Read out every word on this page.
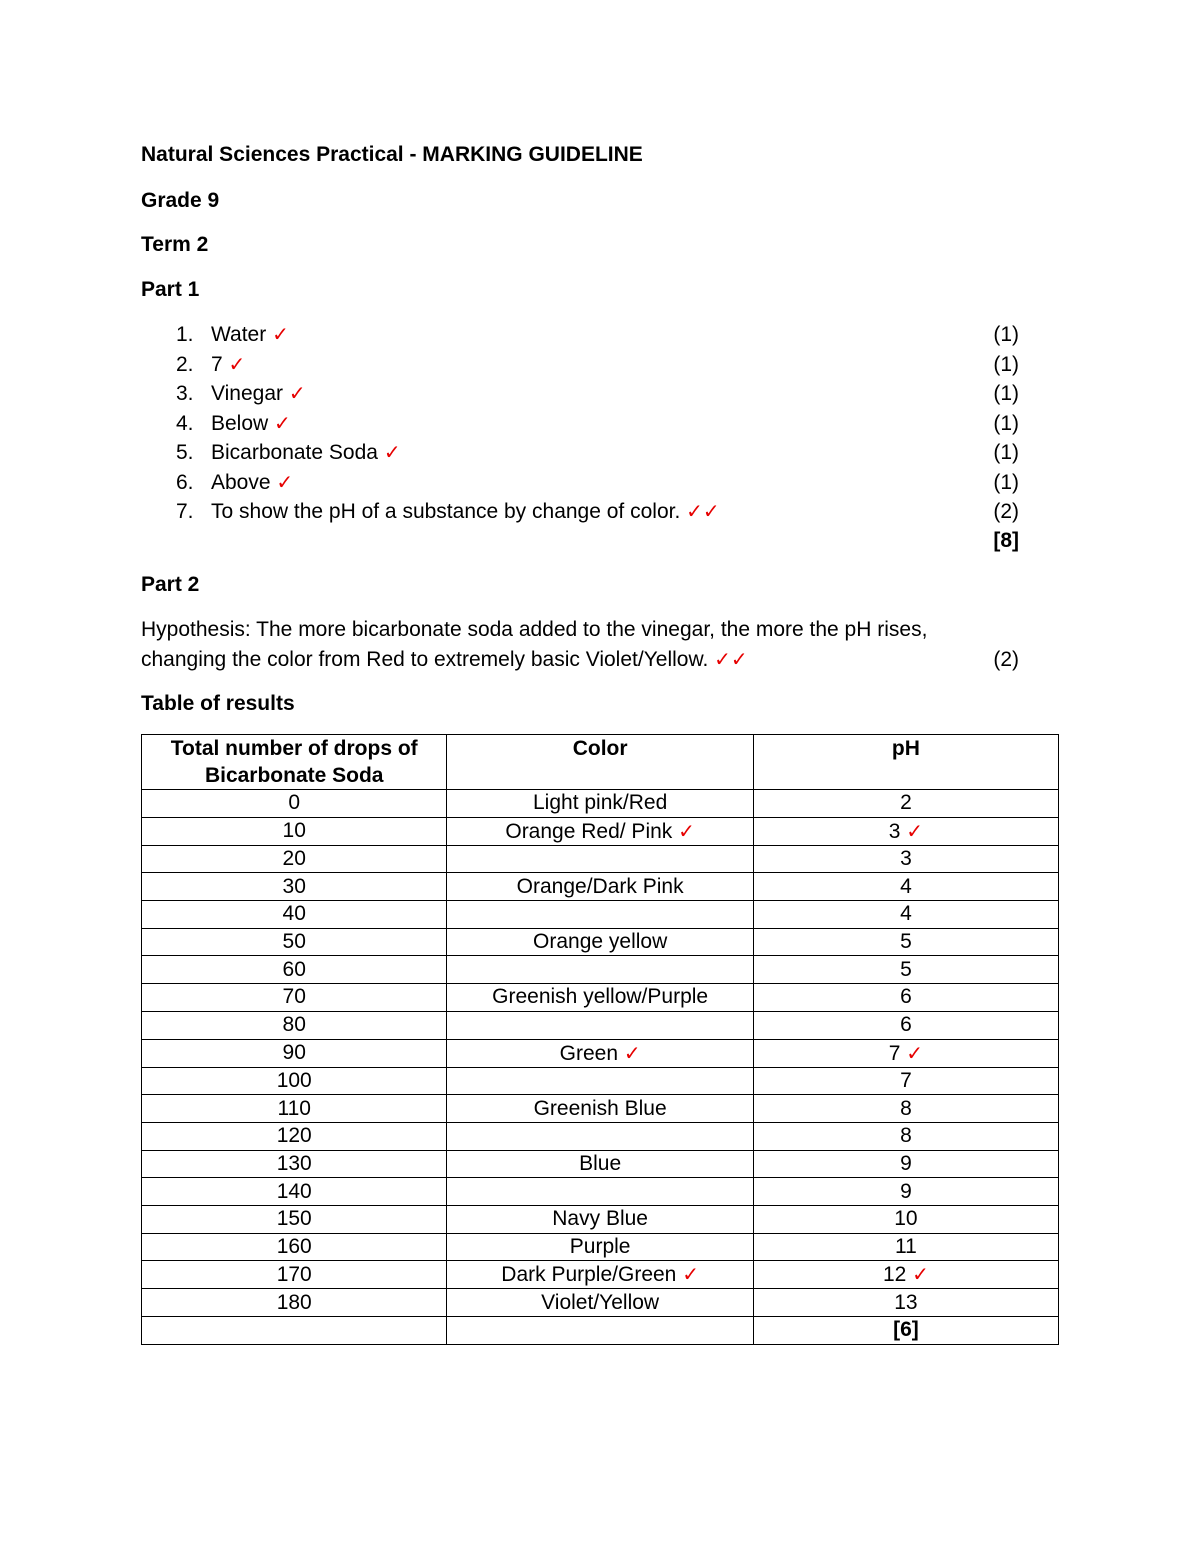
Natural Sciences Practical - MARKING GUIDELINE

Grade 9

Term 2

Part 1

1. Water ✓	(1)
2. 7 ✓	(1)
3. Vinegar ✓	(1)
4. Below ✓	(1)
5. Bicarbonate Soda ✓	(1)
6. Above ✓	(1)
7. To show the pH of a substance by change of color. ✓✓	(2)
[8]

Part 2

Hypothesis: The more bicarbonate soda added to the vinegar, the more the pH rises,
changing the color from Red to extremely basic Violet/Yellow. ✓✓	(2)

Table of results

Total number of drops of Bicarbonate Soda	Color	pH
0	Light pink/Red	2
10	Orange Red/ Pink ✓	3 ✓
20		3
30	Orange/Dark Pink	4
40		4
50	Orange yellow	5
60		5
70	Greenish yellow/Purple	6
80		6
90	Green ✓	7 ✓
100		7
110	Greenish Blue	8
120		8
130	Blue	9
140		9
150	Navy Blue	10
160	Purple	11
170	Dark Purple/Green ✓	12 ✓
180	Violet/Yellow	13
		[6]
